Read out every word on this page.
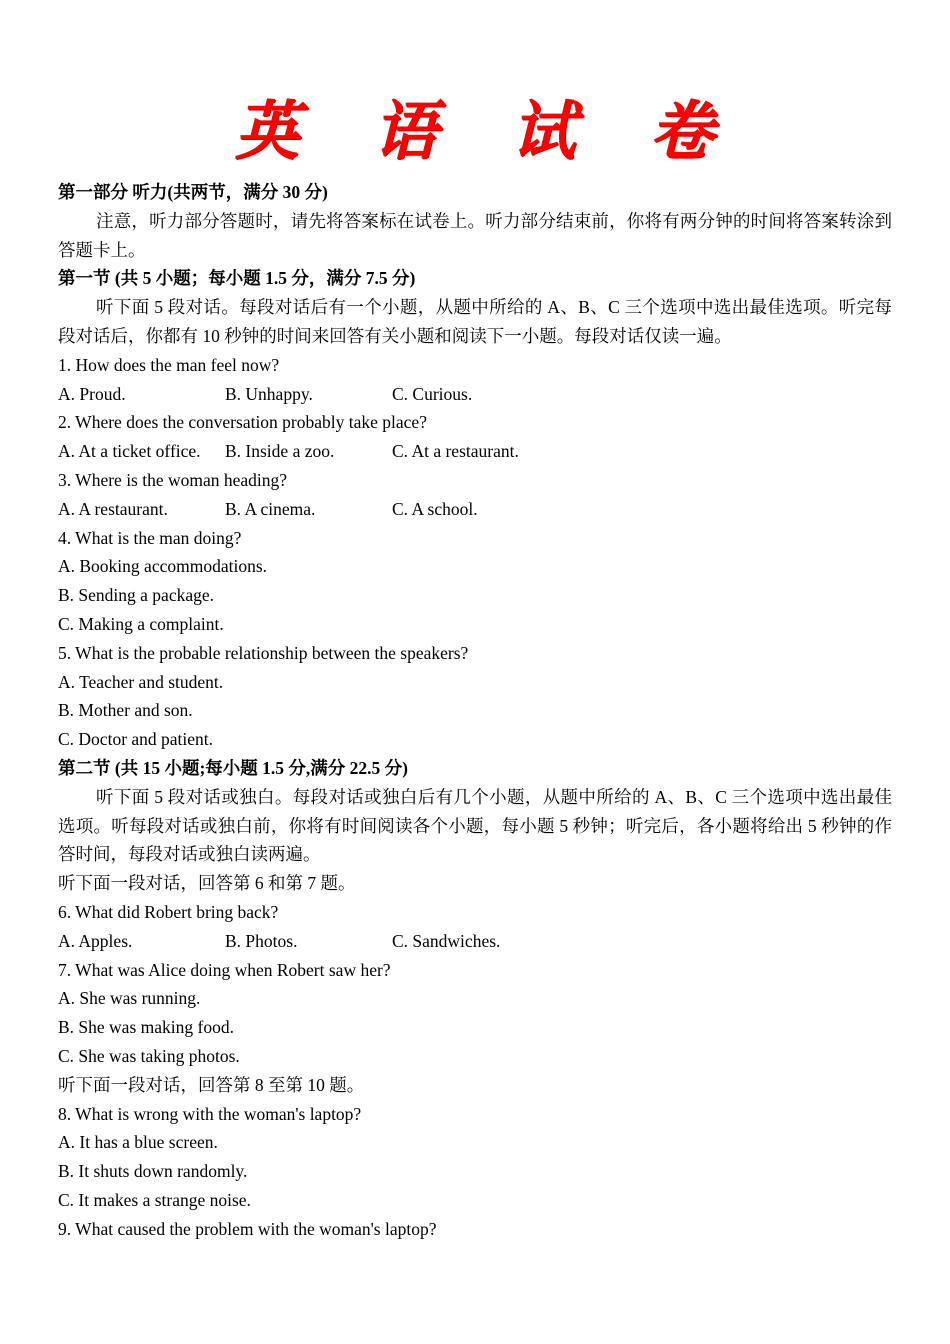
英 语 试 卷
第一部分 听力(共两节，满分 30 分)
注意，听力部分答题时，请先将答案标在试卷上。听力部分结束前，你将有两分钟的时间将答案转涂到答题卡上。
第一节 (共 5 小题；每小题 1.5 分，满分 7.5 分)
听下面 5 段对话。每段对话后有一个小题，从题中所给的 A、B、C 三个选项中选出最佳选项。听完每段对话后，你都有 10 秒钟的时间来回答有关小题和阅读下一小题。每段对话仅读一遍。
1. How does the man feel now?
A. Proud.	B. Unhappy.	C. Curious.
2. Where does the conversation probably take place?
A. At a ticket office.	B. Inside a zoo.	C. At a restaurant.
3. Where is the woman heading?
A. A restaurant.	B. A cinema.	C. A school.
4. What is the man doing?
A. Booking accommodations.
B. Sending a package.
C. Making a complaint.
5. What is the probable relationship between the speakers?
A. Teacher and student.
B. Mother and son.
C. Doctor and patient.
第二节 (共 15 小题;每小题 1.5 分,满分 22.5 分)
听下面 5 段对话或独白。每段对话或独白后有几个小题，从题中所给的 A、B、C 三个选项中选出最佳选项。听每段对话或独白前，你将有时间阅读各个小题，每小题 5 秒钟；听完后，各小题将给出 5 秒钟的作答时间，每段对话或独白读两遍。
听下面一段对话，回答第 6 和第 7 题。
6. What did Robert bring back?
A. Apples.	B. Photos.	C. Sandwiches.
7. What was Alice doing when Robert saw her?
A. She was running.
B. She was making food.
C. She was taking photos.
听下面一段对话，回答第 8 至第 10 题。
8. What is wrong with the woman's laptop?
A. It has a blue screen.
B. It shuts down randomly.
C. It makes a strange noise.
9. What caused the problem with the woman's laptop?
